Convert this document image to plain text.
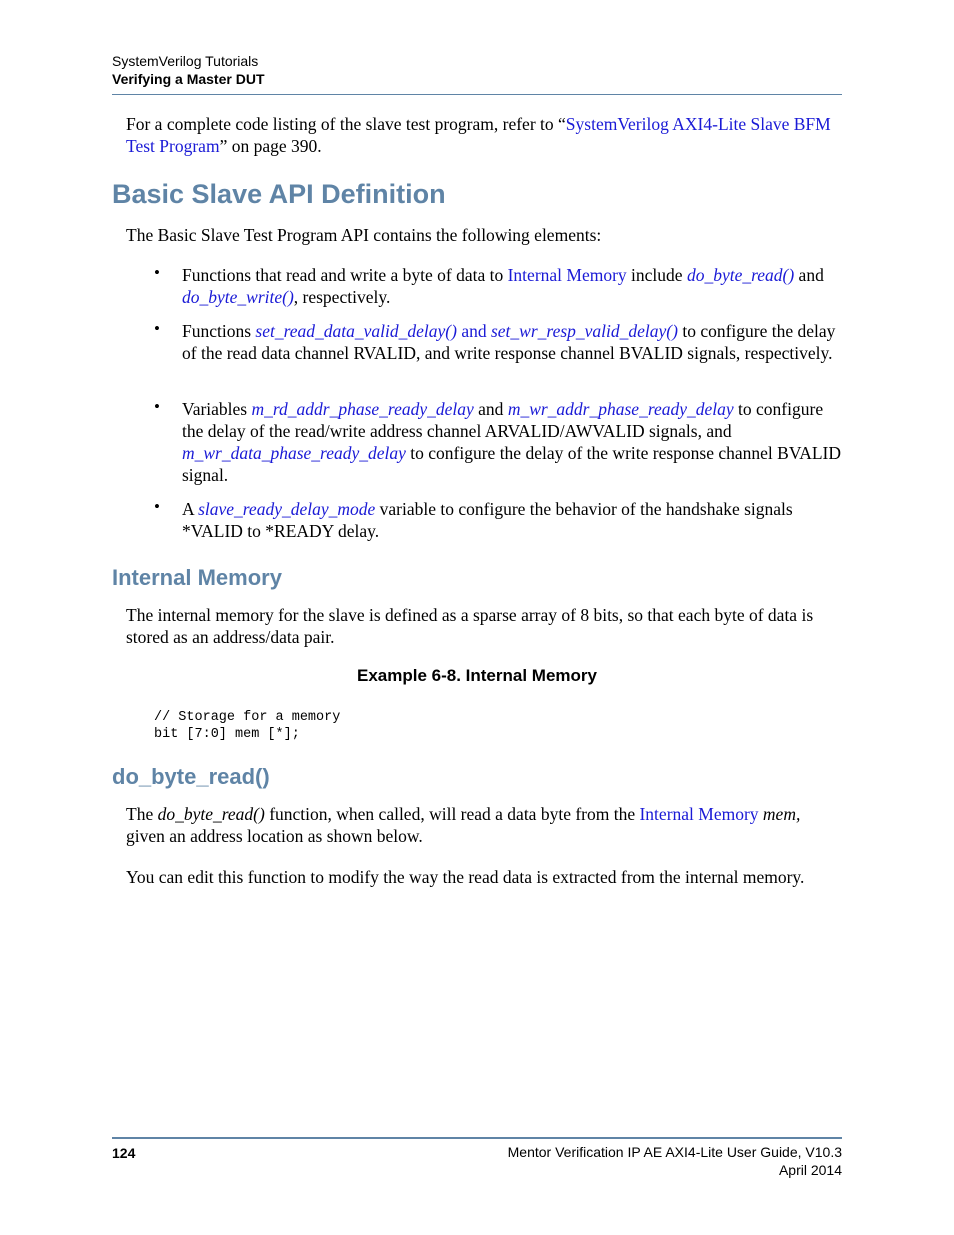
SystemVerilog Tutorials
Verifying a Master DUT
For a complete code listing of the slave test program, refer to “SystemVerilog AXI4-Lite Slave BFM Test Program” on page 390.
Basic Slave API Definition
The Basic Slave Test Program API contains the following elements:
• Functions that read and write a byte of data to Internal Memory include do_byte_read() and do_byte_write(), respectively.
• Functions set_read_data_valid_delay() and set_wr_resp_valid_delay() to configure the delay of the read data channel RVALID, and write response channel BVALID signals, respectively.
• Variables m_rd_addr_phase_ready_delay and m_wr_addr_phase_ready_delay to configure the delay of the read/write address channel ARVALID/AWVALID signals, and m_wr_data_phase_ready_delay to configure the delay of the write response channel BVALID signal.
• A slave_ready_delay_mode variable to configure the behavior of the handshake signals *VALID to *READY delay.
Internal Memory
The internal memory for the slave is defined as a sparse array of 8 bits, so that each byte of data is stored as an address/data pair.
Example 6-8. Internal Memory
// Storage for a memory
bit [7:0] mem [*];
do_byte_read()
The do_byte_read() function, when called, will read a data byte from the Internal Memory mem, given an address location as shown below.
You can edit this function to modify the way the read data is extracted from the internal memory.
124	Mentor Verification IP AE AXI4-Lite User Guide, V10.3
April 2014
